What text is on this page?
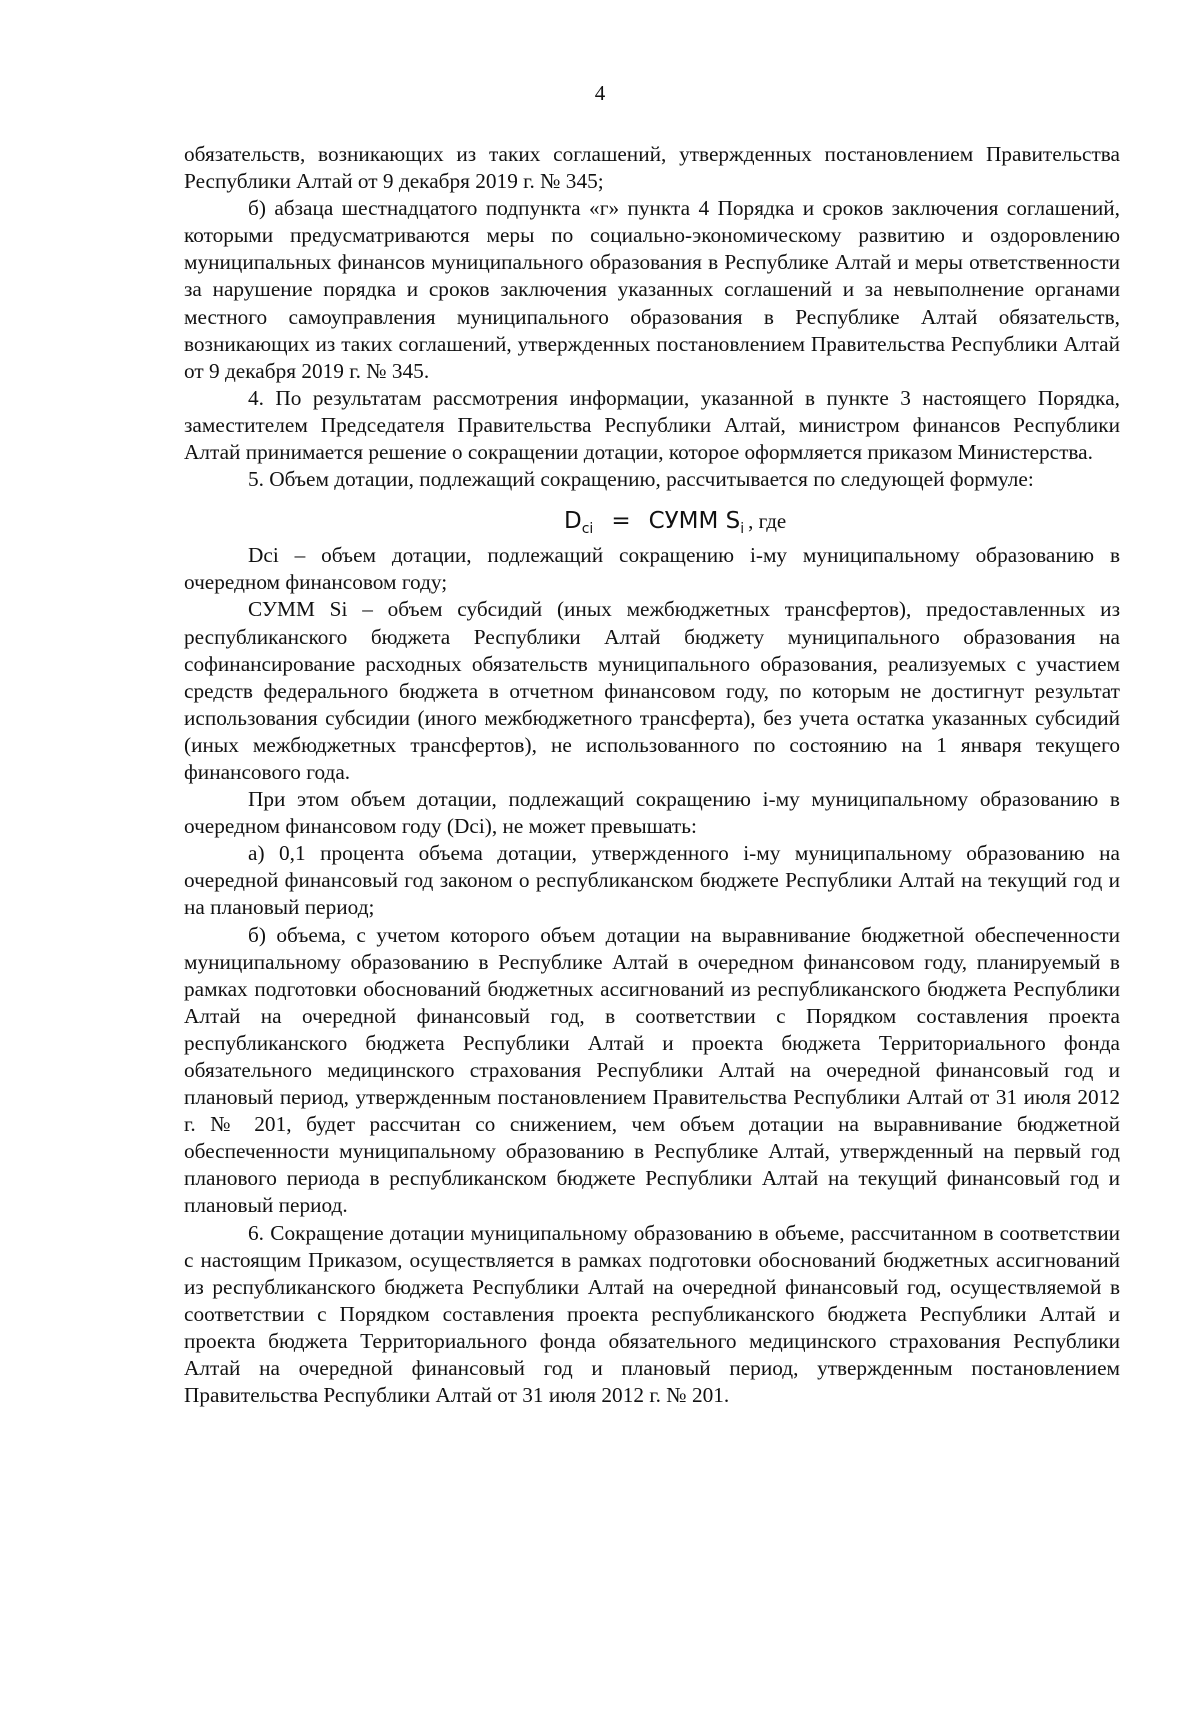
4

обязательств, возникающих из таких соглашений, утвержденных постановлением Правительства Республики Алтай от 9 декабря 2019 г. № 345;

б) абзаца шестнадцатого подпункта «г» пункта 4 Порядка и сроков заключения соглашений, которыми предусматриваются меры по социально-экономическому развитию и оздоровлению муниципальных финансов муниципального образования в Республике Алтай и меры ответственности за нарушение порядка и сроков заключения указанных соглашений и за невыполнение органами местного самоуправления муниципального образования в Республике Алтай обязательств, возникающих из таких соглашений, утвержденных постановлением Правительства Республики Алтай от 9 декабря 2019 г. № 345.

4. По результатам рассмотрения информации, указанной в пункте 3 настоящего Порядка, заместителем Председателя Правительства Республики Алтай, министром финансов Республики Алтай принимается решение о сокращении дотации, которое оформляется приказом Министерства.

5. Объем дотации, подлежащий сокращению, рассчитывается по следующей формуле:

$D_{ci}$ = СУММ $S_i$ , где

Dci – объем дотации, подлежащий сокращению i-му муниципальному образованию в очередном финансовом году;

СУММ Si – объем субсидий (иных межбюджетных трансфертов), предоставленных из республиканского бюджета Республики Алтай бюджету муниципального образования на софинансирование расходных обязательств муниципального образования, реализуемых с участием средств федерального бюджета в отчетном финансовом году, по которым не достигнут результат использования субсидии (иного межбюджетного трансферта), без учета остатка указанных субсидий (иных межбюджетных трансфертов), не использованного по состоянию на 1 января текущего финансового года.

При этом объем дотации, подлежащий сокращению i-му муниципальному образованию в очередном финансовом году (Dci), не может превышать:

а) 0,1 процента объема дотации, утвержденного i-му муниципальному образованию на очередной финансовый год законом о республиканском бюджете Республики Алтай на текущий год и на плановый период;

б) объема, с учетом которого объем дотации на выравнивание бюджетной обеспеченности муниципальному образованию в Республике Алтай в очередном финансовом году, планируемый в рамках подготовки обоснований бюджетных ассигнований из республиканского бюджета Республики Алтай на очередной финансовый год, в соответствии с Порядком составления проекта республиканского бюджета Республики Алтай и проекта бюджета Территориального фонда обязательного медицинского страхования Республики Алтай на очередной финансовый год и плановый период, утвержденным постановлением Правительства Республики Алтай от 31 июля 2012 г. № 201, будет рассчитан со снижением, чем объем дотации на выравнивание бюджетной обеспеченности муниципальному образованию в Республике Алтай, утвержденный на первый год планового периода в республиканском бюджете Республики Алтай на текущий финансовый год и плановый период.

6. Сокращение дотации муниципальному образованию в объеме, рассчитанном в соответствии с настоящим Приказом, осуществляется в рамках подготовки обоснований бюджетных ассигнований из республиканского бюджета Республики Алтай на очередной финансовый год, осуществляемой в соответствии с Порядком составления проекта республиканского бюджета Республики Алтай и проекта бюджета Территориального фонда обязательного медицинского страхования Республики Алтай на очередной финансовый год и плановый период, утвержденным постановлением Правительства Республики Алтай от 31 июля 2012 г. № 201.
